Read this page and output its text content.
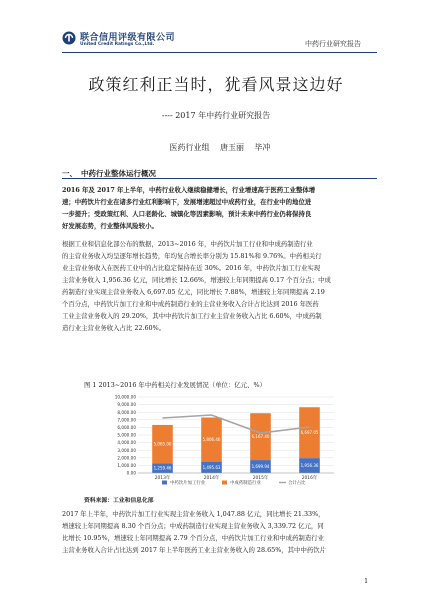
联合信用评级有限公司
United Credit Ratings Co.,Ltd.	中药行业研究报告
政策红利正当时，犹看风景这边好
---- 2017 年中药行业研究报告
医药行业组 唐玉丽 毕冲
一、 中药行业整体运行概况
2016 年及 2017 年上半年，中药行业收入继续稳健增长，行业增速高于医药工业整体增
速；中药饮片行业在诸多行业红利影响下，发展增速超过中成药行业，在行业中的地位进
一步提升；受政策红利、人口老龄化、城镇化等因素影响，预计未来中药行业仍将保持良
好发展态势，行业整体风险较小。
根据工业和信息化部公布的数据，2013~2016 年，中药饮片加工行业和中成药制造行业
的主营业务收入均呈逐年增长趋势，年均复合增长率分别为 15.81%和 9.76%。中药相关行
业主营业务收入在医药工业中的占比稳定保持在近 30%。2016 年，中药饮片加工行业实现
主营业务收入 1,956.36 亿元，同比增长 12.66%，增速较上年同期提高 0.17 个百分点；中成
药制造行业实现主营业务收入 6,697.05 亿元，同比增长 7.88%，增速较上年同期提高 2.19
个百分点，中药饮片加工行业和中成药制造行业的主营业务收入合计占比达到 2016 年医药
工业主营业务收入的 29.20%，其中中药饮片加工行业主营业务收入占比 6.60%，中成药制
造行业主营业务收入占比 22.60%。
图 1 2013~2016 年中药相关行业发展情况（单位：亿元、%）
10,000.00
9,000.00
8,000.00
7,000.00
6,000.00
5,000.00
4,000.00
3,000.00
2,000.00
1,000.00
0.00
1,259.46
5,065.00
2013年
1,495.63
5,806.46
2014年
1,699.94
6,167.40
2015年
1,956.36
6,697.05
2016年
中药饮片加工行业	中成药制造行业	合计占比
资料来源：工业和信息化部
2017 年上半年，中药饮片加工行业实现主营业务收入 1,047.88 亿元，同比增长 21.33%，
增速较上年同期提高 8.30 个百分点；中成药制造行业实现主营业务收入 3,339.72 亿元，同
比增长 10.95%，增速较上年同期提高 2.79 个百分点，中药饮片加工行业和中成药制造行业
主营业务收入合计占比达到 2017 年上半年医药工业主营业务收入的 28.65%，其中中药饮片
1
